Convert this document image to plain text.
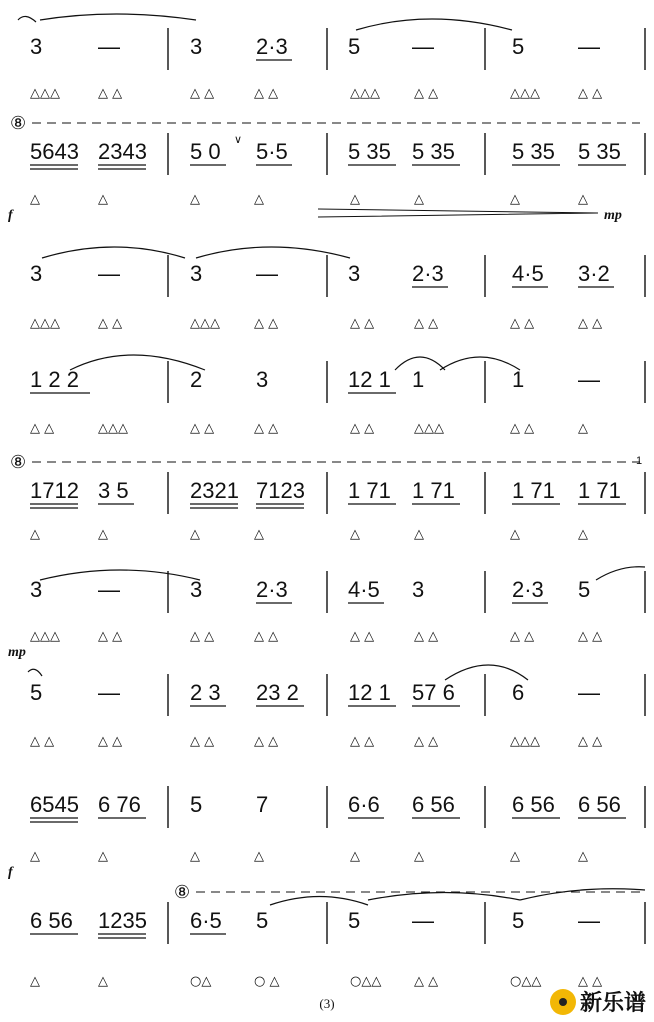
3	—	3 2·3	5 —	5 —
△△△	△ △	△ △	△ △	△△△	△ △	△△△	△ △
⑧
5643 2343 5 0 5·5	5 35 5 35	5 35 5 35
△	△	△	△	△	△	△	△
f	mp
3	—	3 —	3 2·3	4·5 3·2
△△△	△ △	△△△	△ △	△ △	△ △	△ △	△ △
1 2 2	2 3	12 1 1	1 —
△ △	△△△	△ △	△ △	△ △	△△△	△ △	△
⑧	1
1712 3 5	2321 7123 1 71 1 71	1 71 1 71
△	△	△	△	△	△	△	△
3	—	3 2·3	4·5 3	2·3 5
△△△	△ △	△ △	△ △	△ △	△ △	△ △	△ △
mp
5	—	2 3 23 2 12 1 57 6	6 —
△ △	△ △	△ △	△ △	△ △	△ △	△△△	△ △
6545 6 76 5 7	6·6 6 56	6 56 6 56
△	△	△	△	△	△	△	△
f
⑧
6 56 1235 6·5 5	5 —	5 —
△	△	○△	○ △	○△△	△ △	○△△	△ △
∨
(3)	新乐谱
